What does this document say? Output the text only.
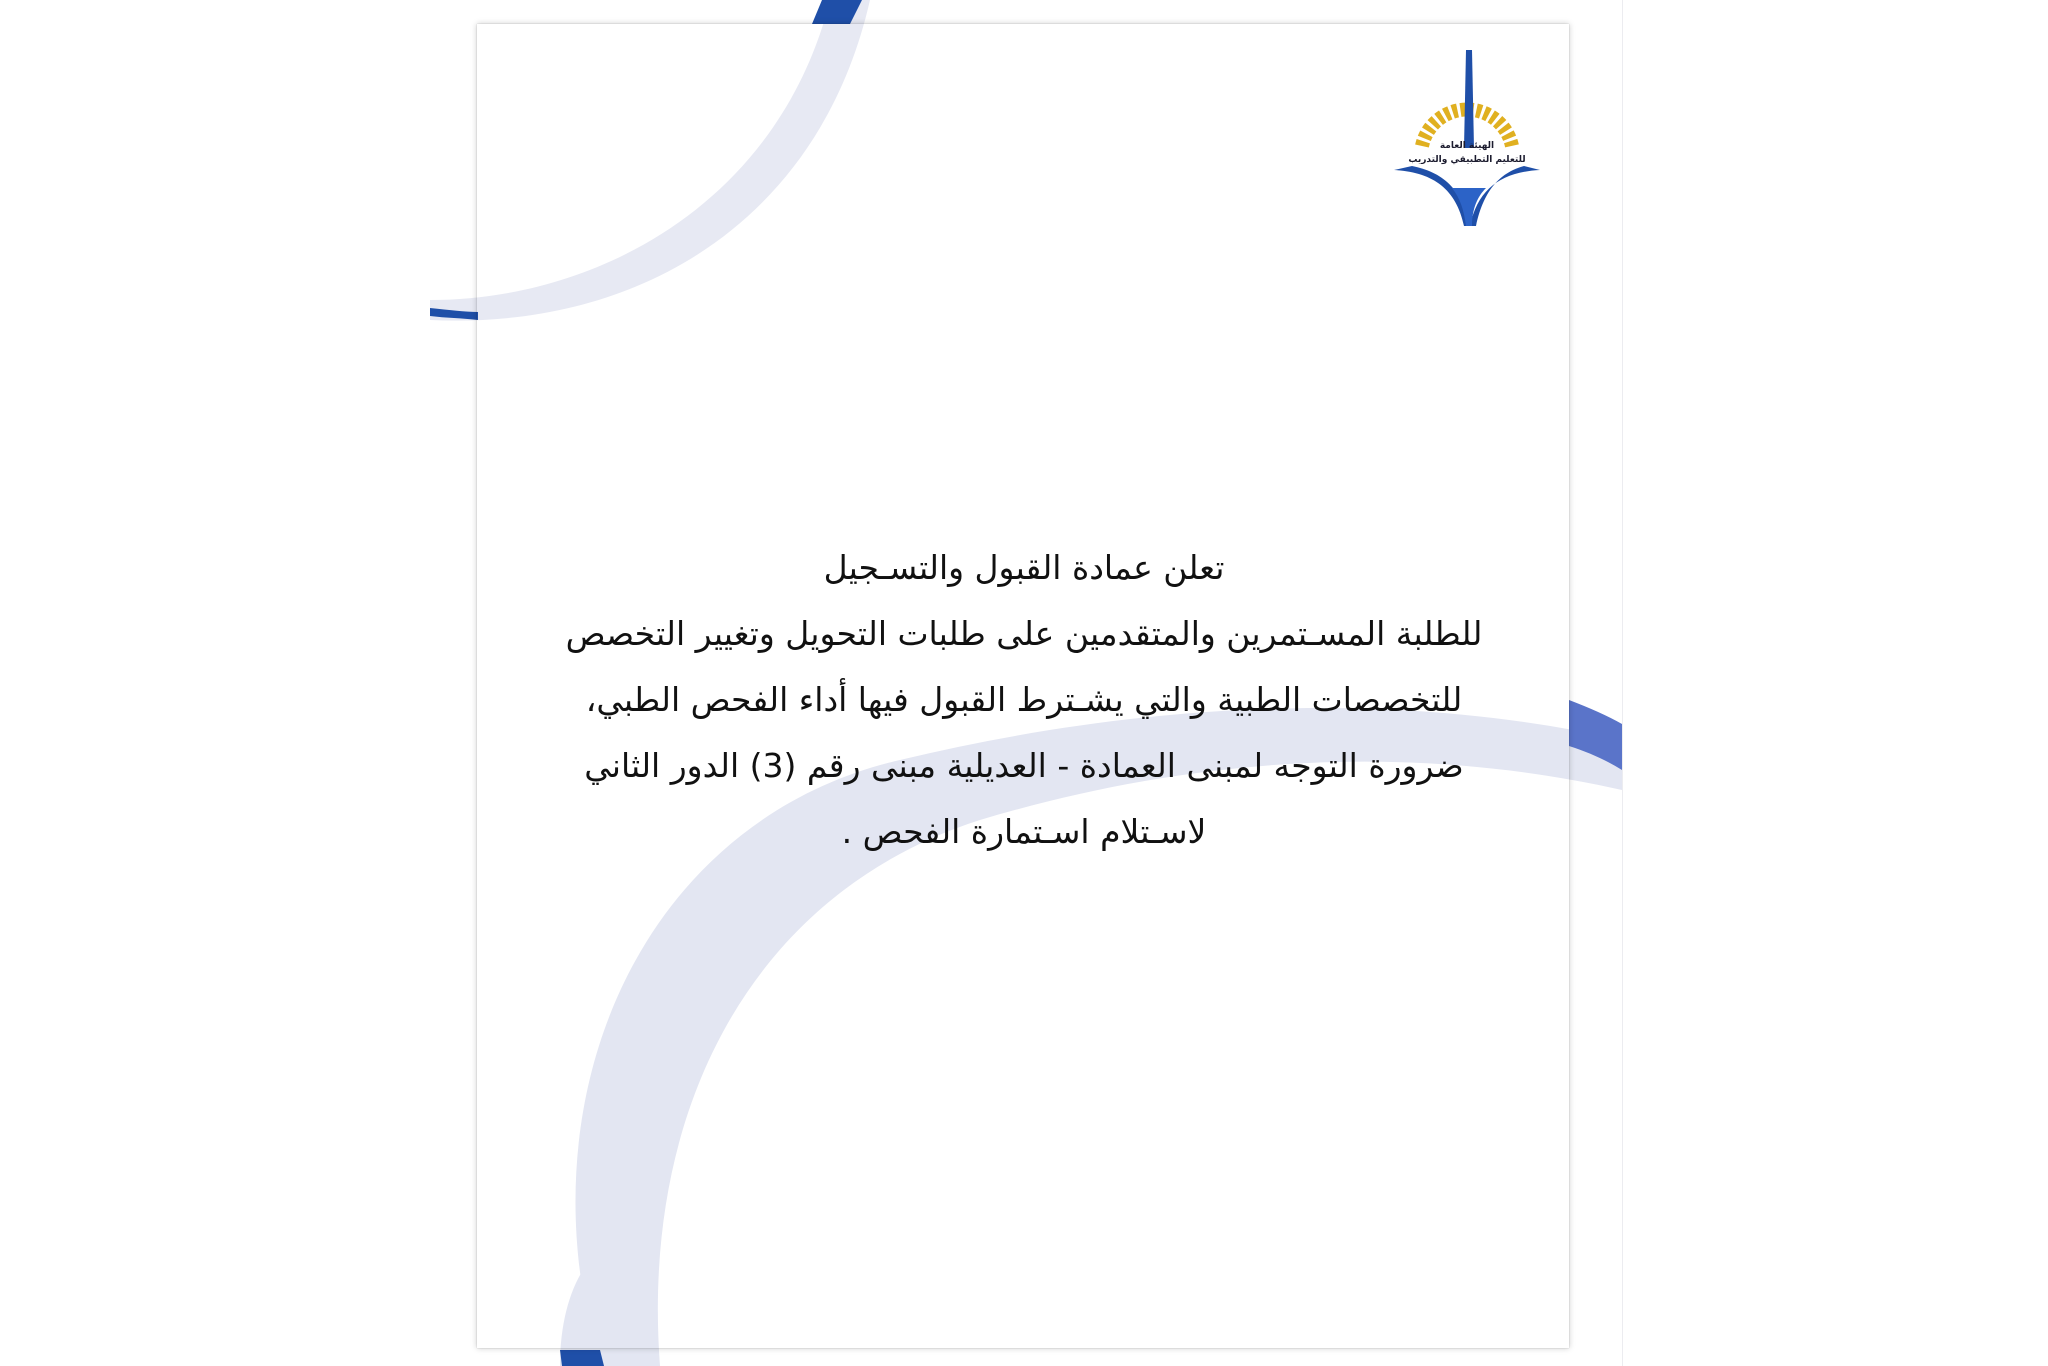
الهيئة العامة
للتعليم التطبيقي والتدريب
تعلن عمادة القبول والتسـجيل
للطلبة المسـتمرين والمتقدمين على طلبات التحويل وتغيير التخصص
للتخصصات الطبية والتي يشـترط القبول فيها أداء الفحص الطبي،
ضرورة التوجه لمبنى العمادة - العديلية مبنى رقم (3) الدور الثاني
لاسـتلام اسـتمارة الفحص .
